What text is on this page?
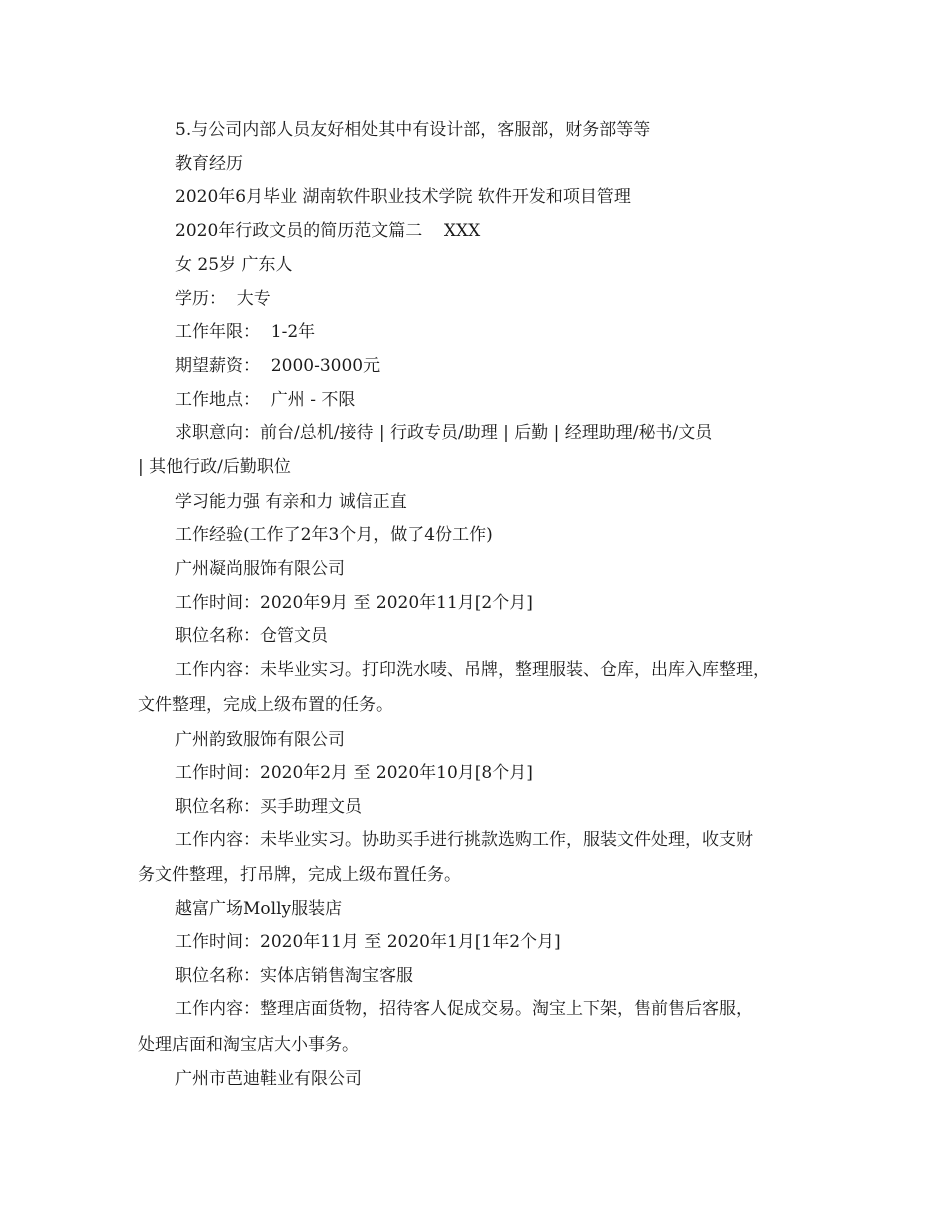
5.与公司内部人员友好相处其中有设计部，客服部，财务部等等
教育经历
2020年6月毕业 湖南软件职业技术学院 软件开发和项目管理
2020年行政文员的简历范文篇二    XXX
女 25岁 广东人
学历：  大专
工作年限：  1-2年
期望薪资：  2000-3000元
工作地点：  广州 - 不限
求职意向：前台/总机/接待 | 行政专员/助理 | 后勤 | 经理助理/秘书/文员
| 其他行政/后勤职位
学习能力强 有亲和力 诚信正直
工作经验(工作了2年3个月，做了4份工作)
广州凝尚服饰有限公司
工作时间：2020年9月 至 2020年11月[2个月]
职位名称：仓管文员
工作内容：未毕业实习。打印洗水唛、吊牌，整理服装、仓库，出库入库整理，
文件整理，完成上级布置的任务。
广州韵致服饰有限公司
工作时间：2020年2月 至 2020年10月[8个月]
职位名称：买手助理文员
工作内容：未毕业实习。协助买手进行挑款选购工作，服装文件处理，收支财
务文件整理，打吊牌，完成上级布置任务。
越富广场Molly服装店
工作时间：2020年11月 至 2020年1月[1年2个月]
职位名称：实体店销售淘宝客服
工作内容：整理店面货物，招待客人促成交易。淘宝上下架，售前售后客服，
处理店面和淘宝店大小事务。
广州市芭迪鞋业有限公司
